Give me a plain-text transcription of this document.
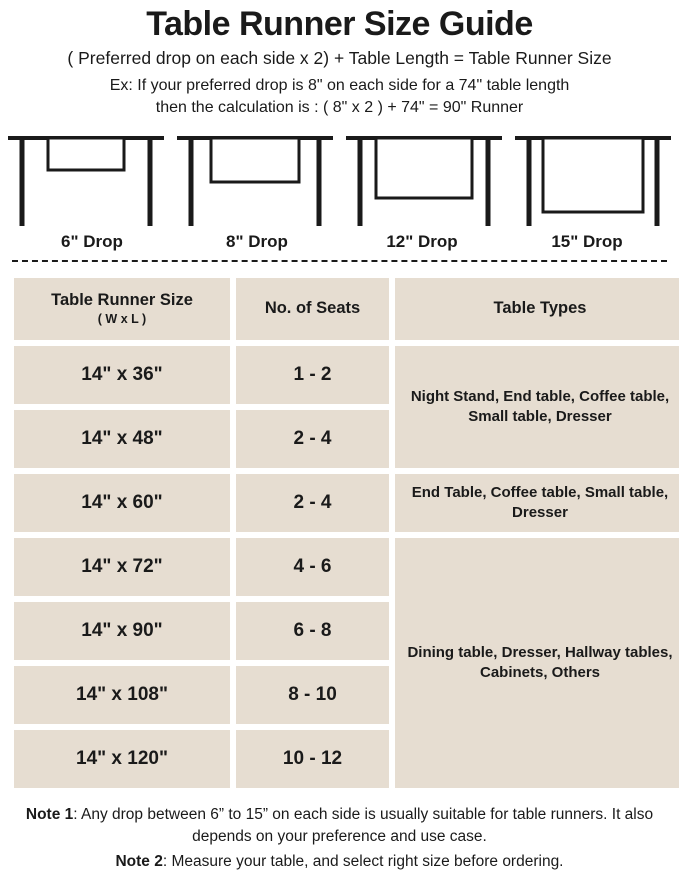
Table Runner Size Guide
( Preferred drop on each side x 2) + Table Length = Table Runner Size
Ex: If your preferred drop is 8" on each side for a 74" table length
then the calculation is : ( 8" x 2 ) + 74" = 90" Runner
6" Drop	8" Drop	12" Drop	15" Drop
Table Runner Size
( W x L )	No. of Seats	Table Types
14" x 36"	1 - 2	Night Stand, End table, Coffee table, Small table, Dresser
14" x 48"	2 - 4	
14" x 60"	2 - 4	End Table, Coffee table, Small table, Dresser
14" x 72"	4 - 6	Dining table, Dresser, Hallway tables, Cabinets, Others
14" x 90"	6 - 8	
14" x 108"	8 - 10	
14" x 120"	10 - 12	

Note 1: Any drop between 6” to 15” on each side is usually suitable for table runners. It also depends on your preference and use case.

Note 2: Measure your table, and select right size before ordering.
